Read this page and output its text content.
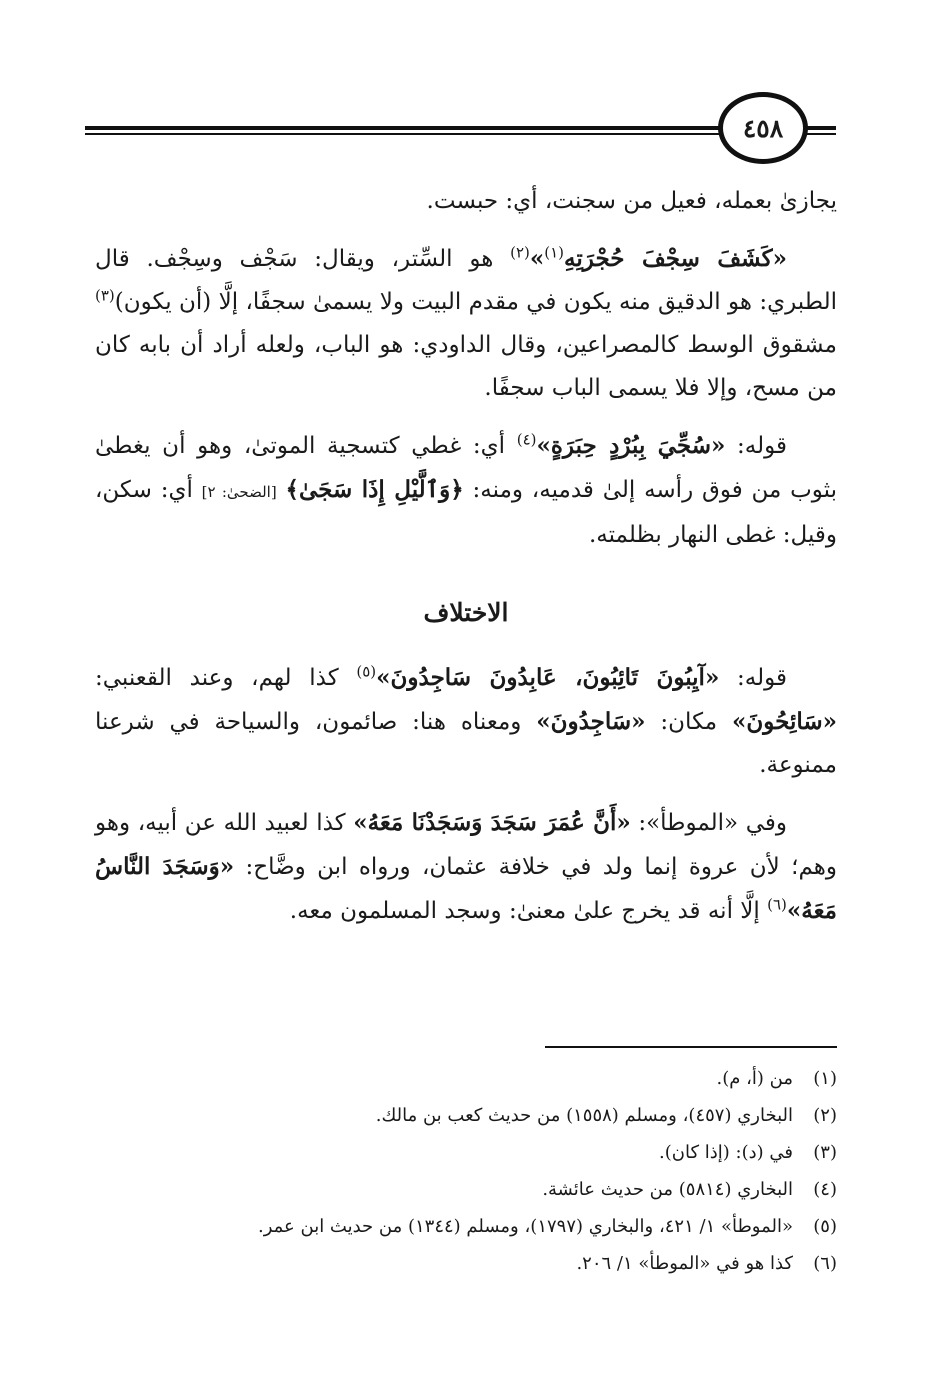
٤٥٨

يجازىٰ بعمله، فعيل من سجنت، أي: حبست.

«كَشَفَ سِجْفَ حُجْرَتِهِ$^{(١)}$»$^{(٢)}$ هو السِّتر، ويقال: سَجْف وسِجْف. قال الطبري: هو الدقيق منه يكون في مقدم البيت ولا يسمىٰ سجفًا، إلَّا (أن يكون)$^{(٣)}$ مشقوق الوسط كالمصراعين، وقال الداودي: هو الباب، ولعله أراد أن بابه كان من مسح، وإلا فلا يسمى الباب سجفًا.

قوله: «سُجِّيَ بِبُرْدٍ حِبَرَةٍ»$^{(٤)}$ أي: غطي كتسجية الموتىٰ، وهو أن يغطىٰ بثوب من فوق رأسه إلىٰ قدميه، ومنه: ﴿وَٱلَّيْلِ إِذَا سَجَىٰ﴾ [الضحىٰ: ٢] أي: سكن، وقيل: غطى النهار بظلمته.

الاختلاف

قوله: «آيِبُونَ تَائِبُونَ، عَابِدُونَ سَاجِدُونَ»$^{(٥)}$ كذا لهم، وعند القعنبي: «سَائِحُونَ» مكان: «سَاجِدُونَ» ومعناه هنا: صائمون، والسياحة في شرعنا ممنوعة.

وفي «الموطأ»: «أَنَّ عُمَرَ سَجَدَ وَسَجَدْنَا مَعَهُ» كذا لعبيد الله عن أبيه، وهو وهم؛ لأن عروة إنما ولد في خلافة عثمان، ورواه ابن وضَّاح: «وَسَجَدَ النَّاسُ مَعَهُ»$^{(٦)}$ إلَّا أنه قد يخرج علىٰ معنىٰ: وسجد المسلمون معه.

(١)
من (أ، م).
(٢)
البخاري (٤٥٧)، ومسلم (١٥٥٨) من حديث كعب بن مالك.
(٣)
في (د): (إذا كان).
(٤)
البخاري (٥٨١٤) من حديث عائشة.
(٥)
«الموطأ» ١/ ٤٢١، والبخاري (١٧٩٧)، ومسلم (١٣٤٤) من حديث ابن عمر.
(٦)
كذا هو في «الموطأ» ١/ ٢٠٦.
